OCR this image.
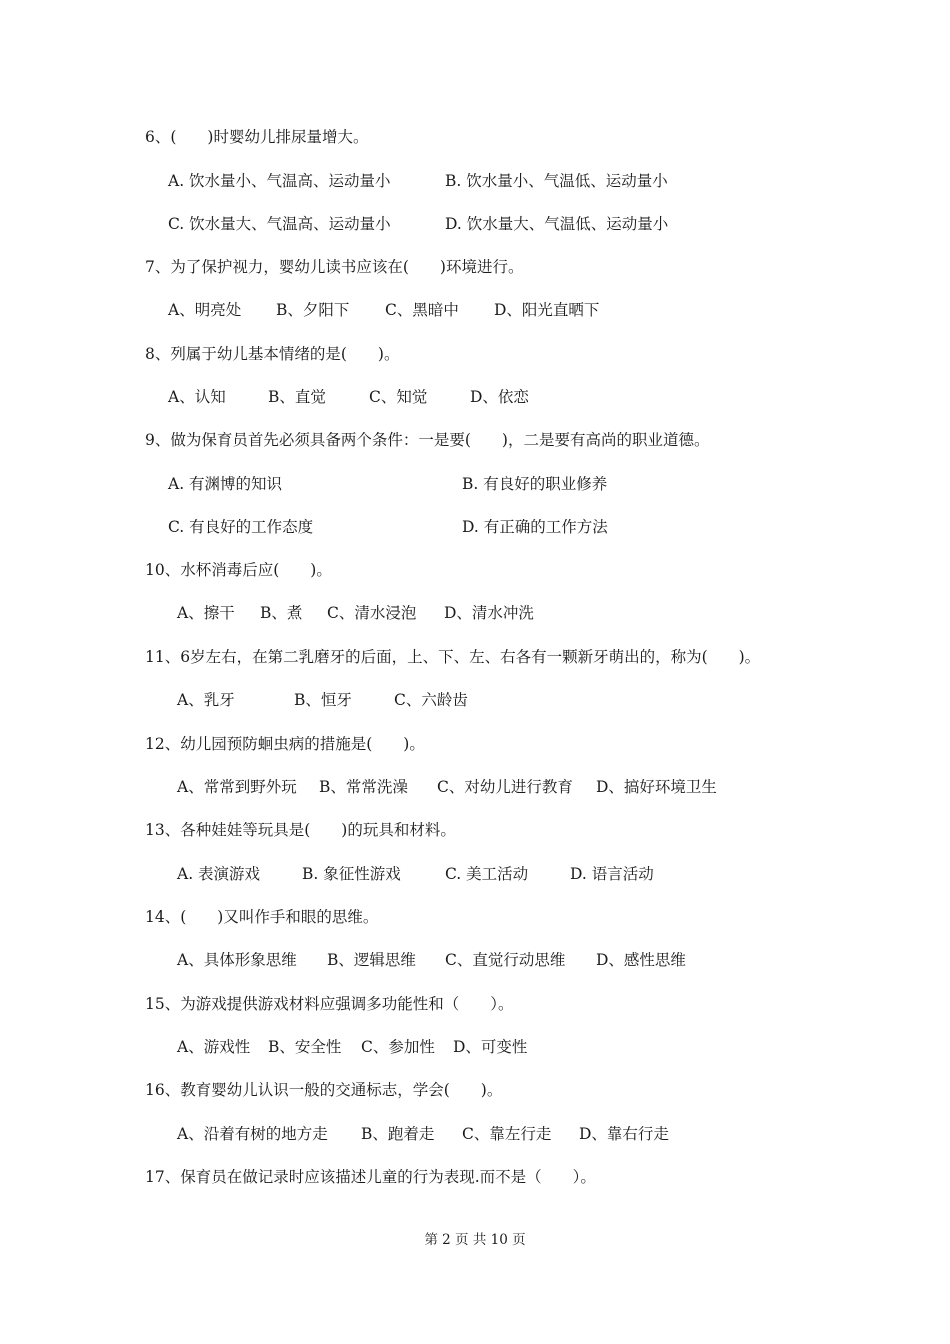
6、(　　)时婴幼儿排尿量增大。
A. 饮水量小、气温高、运动量小	B. 饮水量小、气温低、运动量小
C. 饮水量大、气温高、运动量小	D. 饮水量大、气温低、运动量小
7、为了保护视力，婴幼儿读书应该在(　　)环境进行。
A、明亮处 B、夕阳下 C、黑暗中 D、阳光直晒下
8、列属于幼儿基本情绪的是(　　)。
A、认知	B、直觉	C、知觉	D、依恋
9、做为保育员首先必须具备两个条件：一是要(　　)，二是要有高尚的职业道德。
A. 有渊博的知识	B. 有良好的职业修养
C. 有良好的工作态度	D. 有正确的工作方法
10、水杯消毒后应(　　)。
A、擦干 B、煮 C、清水浸泡 D、清水冲洗
11、6岁左右，在第二乳磨牙的后面，上、下、左、右各有一颗新牙萌出的，称为(　　)。
A、乳牙	B、恒牙	C、六龄齿
12、幼儿园预防蛔虫病的措施是(　　)。
A、常常到野外玩 B、常常洗澡 C、对幼儿进行教育 D、搞好环境卫生
13、各种娃娃等玩具是(　　)的玩具和材料。
A. 表演游戏	B. 象征性游戏	C. 美工活动	D. 语言活动
14、(　　)又叫作手和眼的思维。
A、具体形象思维 B、逻辑思维 C、直觉行动思维 D、感性思维
15、为游戏提供游戏材料应强调多功能性和（　　）。
A、游戏性 B、安全性 C、参加性 D、可变性
16、教育婴幼儿认识一般的交通标志，学会(　　)。
A、沿着有树的地方走 B、跑着走 C、靠左行走 D、靠右行走
17、保育员在做记录时应该描述儿童的行为表现.而不是（　　）。
第 2 页 共 10 页
